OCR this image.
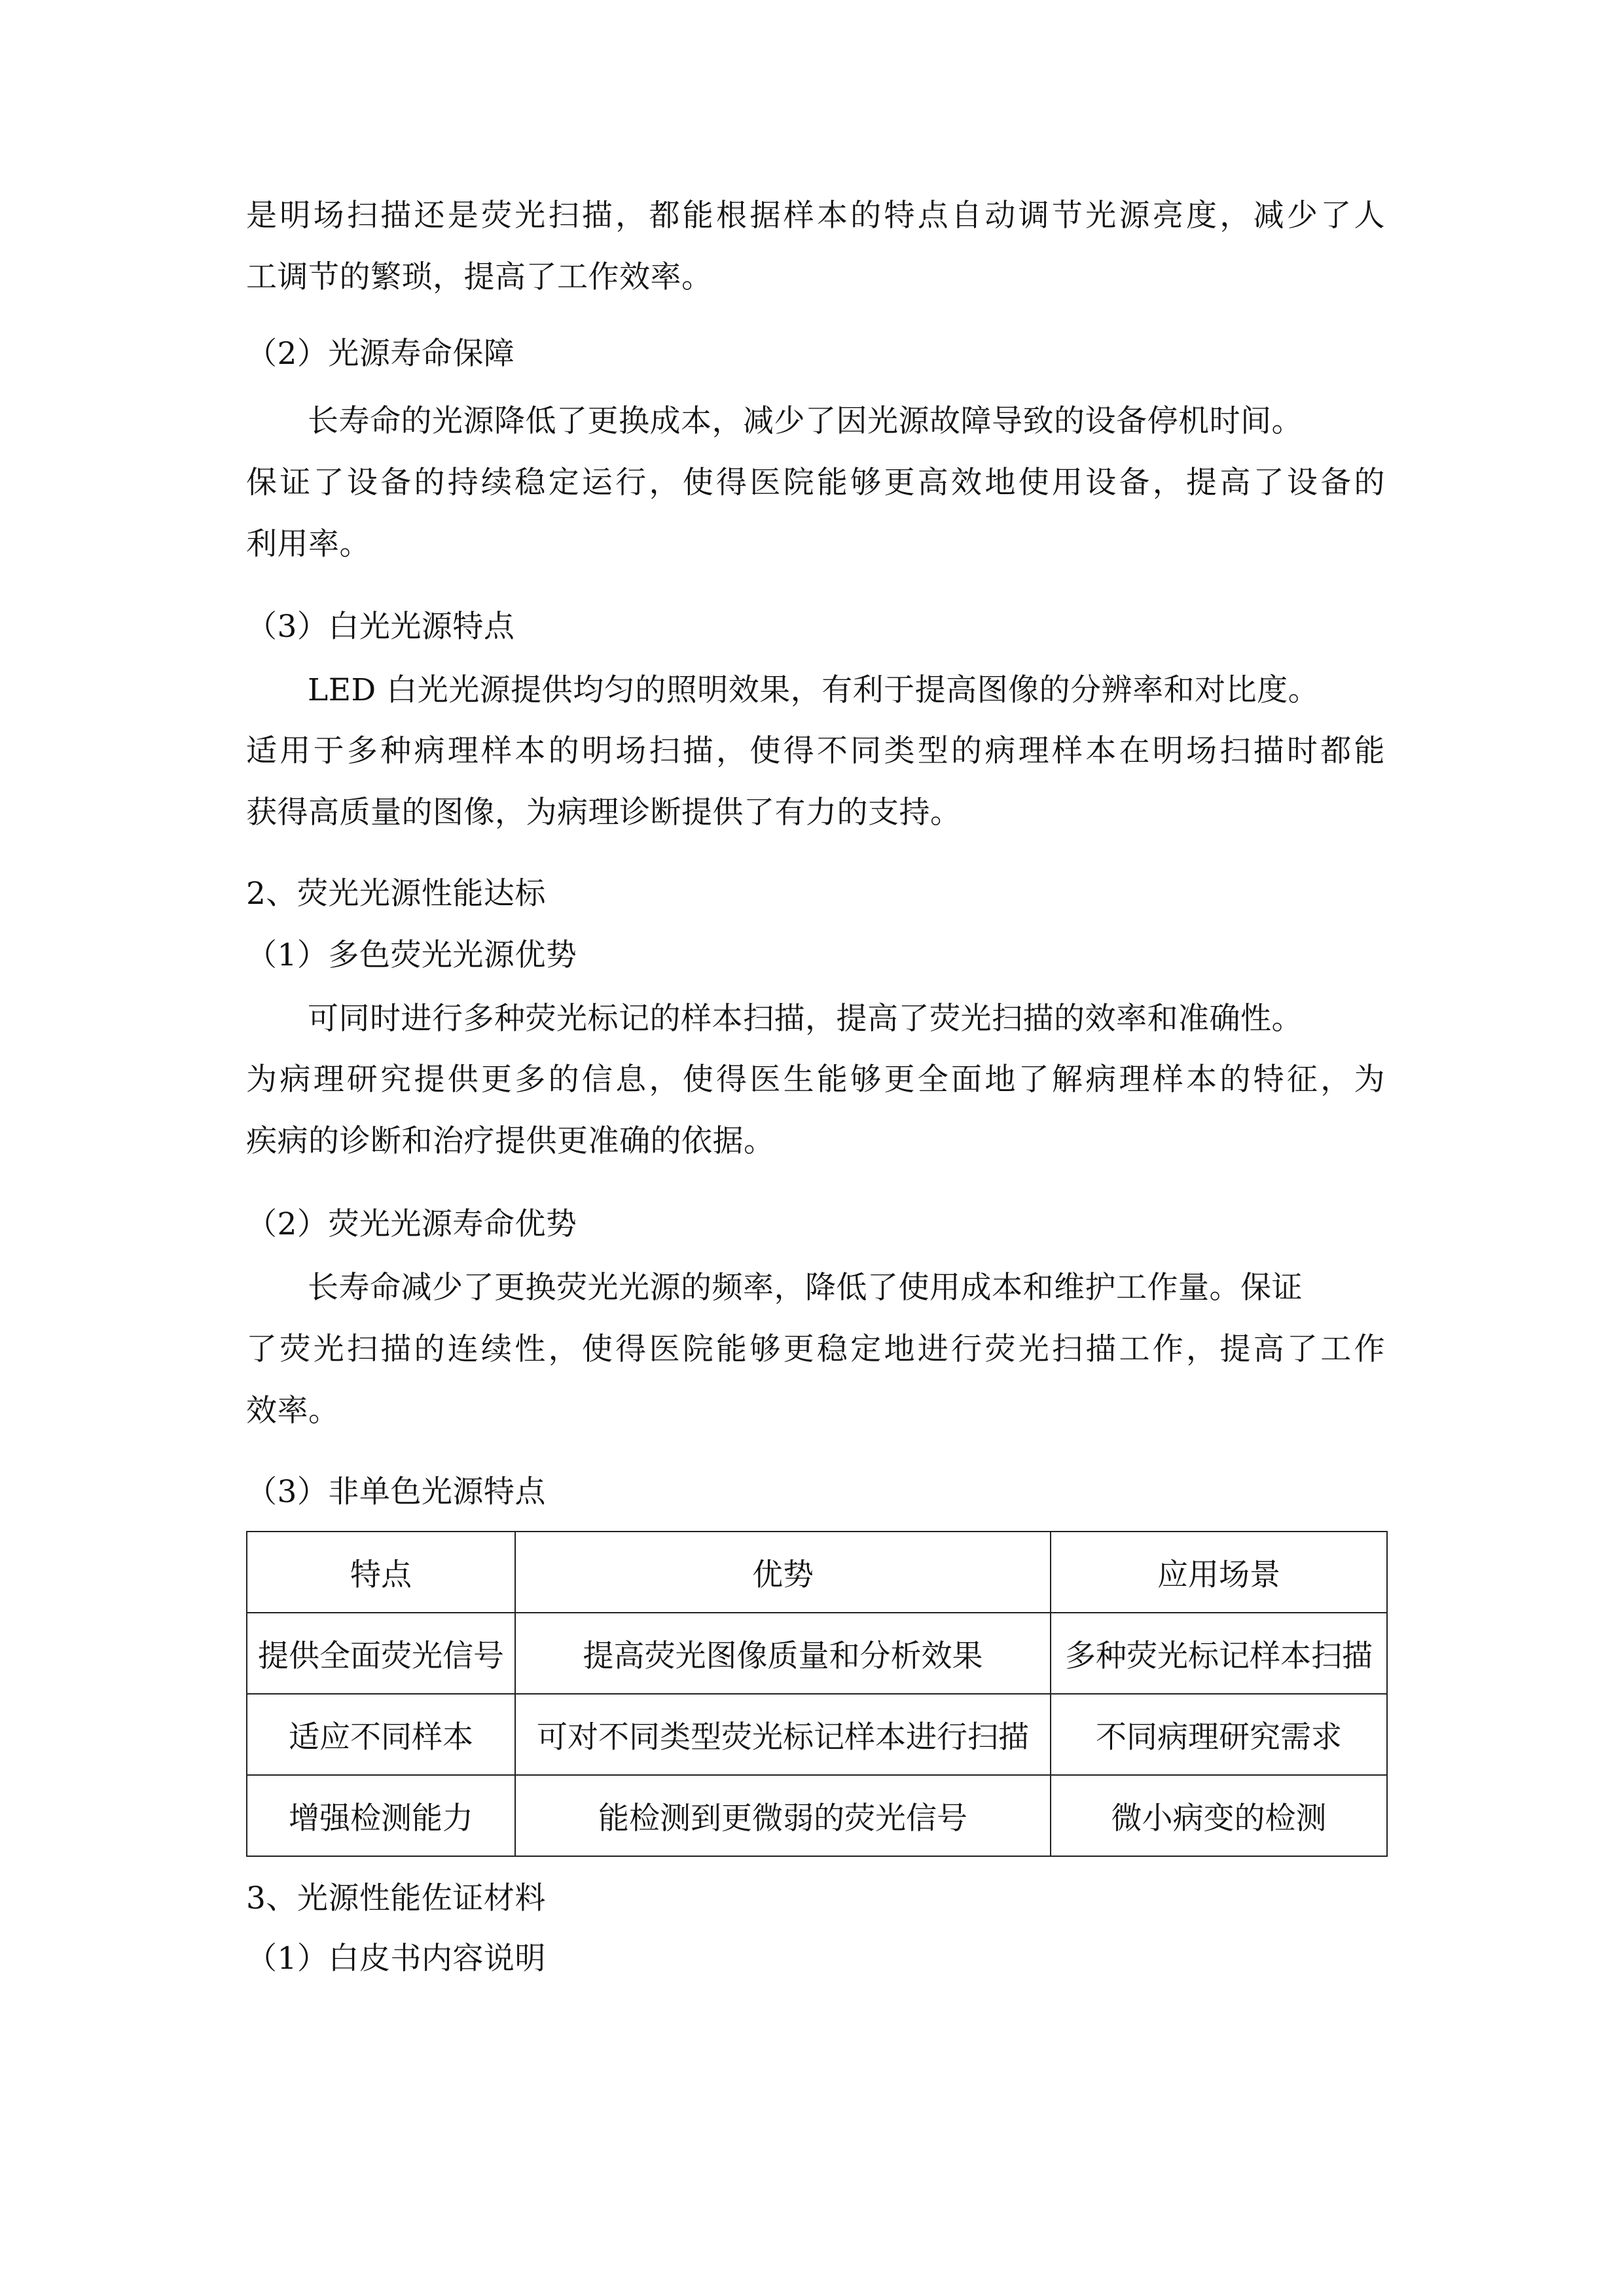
是明场扫描还是荧光扫描，都能根据样本的特点自动调节光源亮度，减少了人
工调节的繁琐，提高了工作效率。
（2）光源寿命保障
长寿命的光源降低了更换成本，减少了因光源故障导致的设备停机时间。
保证了设备的持续稳定运行，使得医院能够更高效地使用设备，提高了设备的
利用率。
（3）白光光源特点
LED 白光光源提供均匀的照明效果，有利于提高图像的分辨率和对比度。
适用于多种病理样本的明场扫描，使得不同类型的病理样本在明场扫描时都能
获得高质量的图像，为病理诊断提供了有力的支持。
2、荧光光源性能达标
（1）多色荧光光源优势
可同时进行多种荧光标记的样本扫描，提高了荧光扫描的效率和准确性。
为病理研究提供更多的信息，使得医生能够更全面地了解病理样本的特征，为
疾病的诊断和治疗提供更准确的依据。
（2）荧光光源寿命优势
长寿命减少了更换荧光光源的频率，降低了使用成本和维护工作量。保证
了荧光扫描的连续性，使得医院能够更稳定地进行荧光扫描工作，提高了工作
效率。
（3）非单色光源特点
特点	优势	应用场景
提供全面荧光信号	提高荧光图像质量和分析效果	多种荧光标记样本扫描
适应不同样本	可对不同类型荧光标记样本进行扫描	不同病理研究需求
增强检测能力	能检测到更微弱的荧光信号	微小病变的检测
3、光源性能佐证材料
（1）白皮书内容说明
